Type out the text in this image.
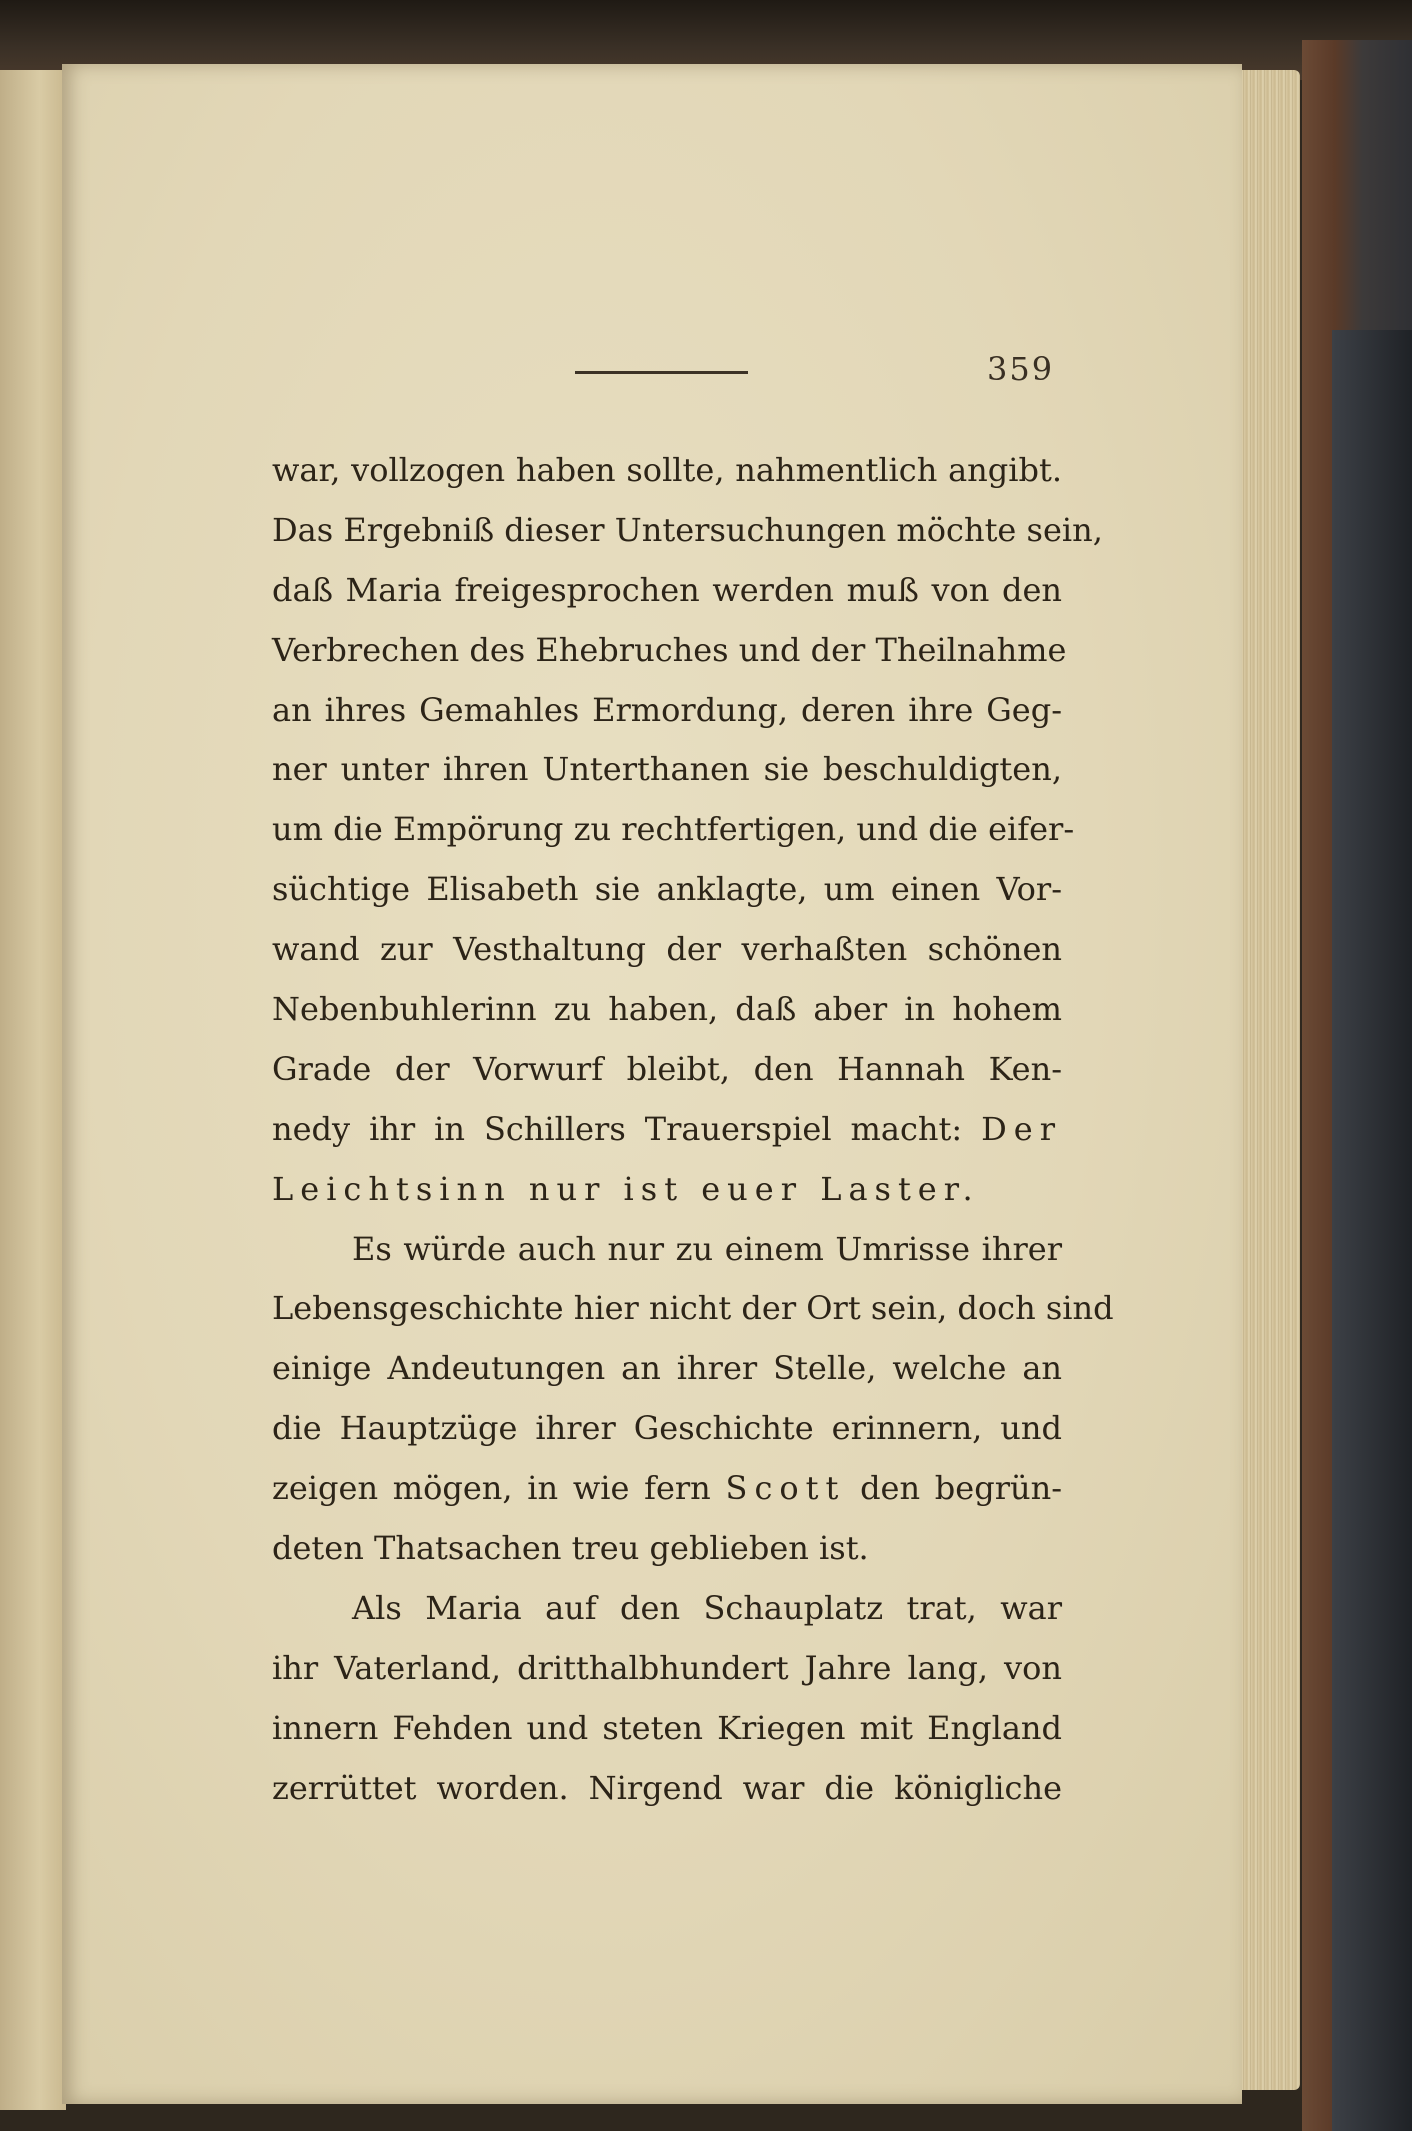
359
war, vollzogen haben sollte, nahmentlich angibt.
Das Ergebniß dieser Untersuchungen möchte sein,
daß Maria freigesprochen werden muß von den
Verbrechen des Ehebruches und der Theilnahme
an ihres Gemahles Ermordung, deren ihre Geg-
ner unter ihren Unterthanen sie beschuldigten,
um die Empörung zu rechtfertigen, und die eifer-
süchtige Elisabeth sie anklagte, um einen Vor-
wand zur Vesthaltung der verhaßten schönen
Nebenbuhlerinn zu haben, daß aber in hohem
Grade der Vorwurf bleibt, den Hannah Ken-
nedy ihr in Schillers Trauerspiel macht: Der
Leichtsinn nur ist euer Laster.
Es würde auch nur zu einem Umrisse ihrer
Lebensgeschichte hier nicht der Ort sein, doch sind
einige Andeutungen an ihrer Stelle, welche an
die Hauptzüge ihrer Geschichte erinnern, und
zeigen mögen, in wie fern Scott den begrün-
deten Thatsachen treu geblieben ist.
Als Maria auf den Schauplatz trat, war
ihr Vaterland, dritthalbhundert Jahre lang, von
innern Fehden und steten Kriegen mit England
zerrüttet worden. Nirgend war die königliche
